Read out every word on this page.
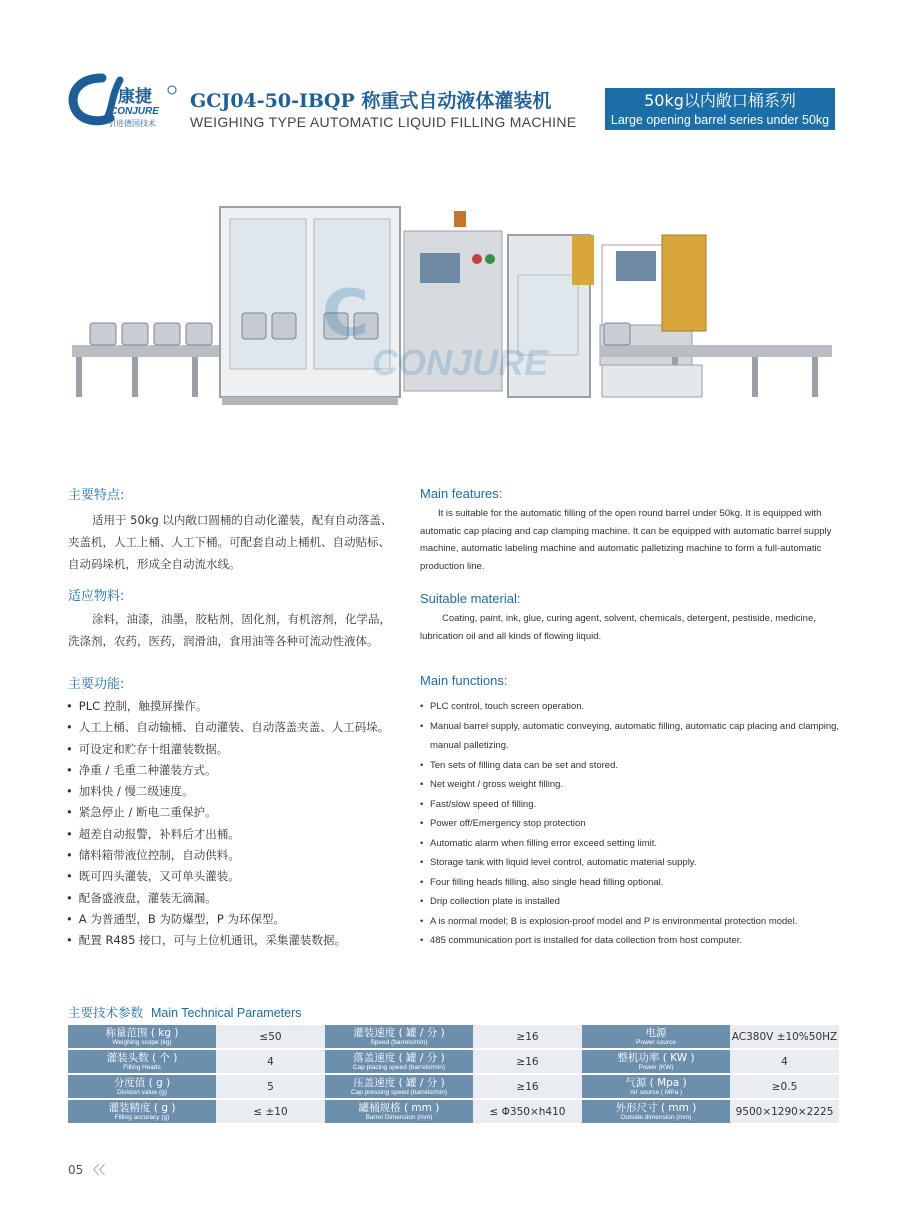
康捷
CONJURE
引进德国技术
GCJ04-50-IBQP 称重式自动液体灌装机
WEIGHING TYPE AUTOMATIC LIQUID FILLING MACHINE
50kg以内敞口桶系列
Large opening barrel series under 50kg
C
CONJURE
主要特点:
适用于 50kg 以内敞口圆桶的自动化灌装，配有自动落盖、夹盖机，人工上桶、人工下桶。可配套自动上桶机、自动贴标、自动码垛机，形成全自动流水线。
Main features:
It is suitable for the automatic filling of the open round barrel under 50kg. It is equipped with automatic cap placing and cap clamping machine. It can be equipped with automatic barrel supply machine, automatic labeling machine and automatic palletizing machine to form a full-automatic production line.
适应物料:
涂料，油漆，油墨，胶粘剂，固化剂，有机溶剂，化学品，洗涤剂，农药，医药，润滑油，食用油等各种可流动性液体。
Suitable material:
Coating, paint, ink, glue, curing agent, solvent, chemicals, detergent, pestiside, medicine, lubrication oil and all kinds of flowing liquid.
主要功能:
• PLC 控制，触摸屏操作。
• 人工上桶、自动输桶、自动灌装、自动落盖夹盖、人工码垛。
• 可设定和贮存十组灌装数据。
• 净重 / 毛重二种灌装方式。
• 加料快 / 慢二级速度。
• 紧急停止 / 断电二重保护。
• 超差自动报警，补料后才出桶。
• 储料箱带液位控制，自动供料。
• 既可四头灌装，又可单头灌装。
• 配备盛液盘，灌装无滴漏。
• A 为普通型，B 为防爆型，P 为环保型。
• 配置 R485 接口，可与上位机通讯，采集灌装数据。
Main functions:
• PLC control, touch screen operation.
• Manual barrel supply, automatic conveying, automatic filling, automatic cap placing and clamping, manual palletizing.
• Ten sets of filling data can be set and stored.
• Net weight / gross weight filling.
• Fast/slow speed of filling.
• Power off/Emergency stop protection
• Automatic alarm when filling error exceed setting limit.
• Storage tank with liquid level control, automatic material supply.
• Four filling heads filling, also single head filling optional.
• Drip collection plate is installed
• A is normal model; B is explosion-proof model and P is environmental protection model.
• 485 communication port is installed for data collection from host computer.
主要技术参数 Main Technical Parameters
称量范围 ( kg )
Weighing scope (kg)	≤50	灌装速度 ( 罐 / 分 )
Speed (barrels/min)	≥16	电源
Power source	AC380V ±10%50HZ

灌装头数 ( 个 )
Filling Heads	4	落盖速度 ( 罐 / 分 )
Cap placing speed (barrels/min)	≥16	整机功率 ( KW )
Power (KW)	4

分度值 ( g )
Division value (g)	5	压盖速度 ( 罐 / 分 )
Cap pressing speed (barrels/min)	≥16	气源 ( Mpa )
Air source ( MPa )	≥0.5

灌装精度 ( g )
Filling accuracy (g)	≤ ±10	罐桶规格 ( mm )
Barrel Dimension (mm)	≤ Φ350×h410	外形尺寸 ( mm )
Outside dimension (mm)	9500×1290×2225
05 〈〈
